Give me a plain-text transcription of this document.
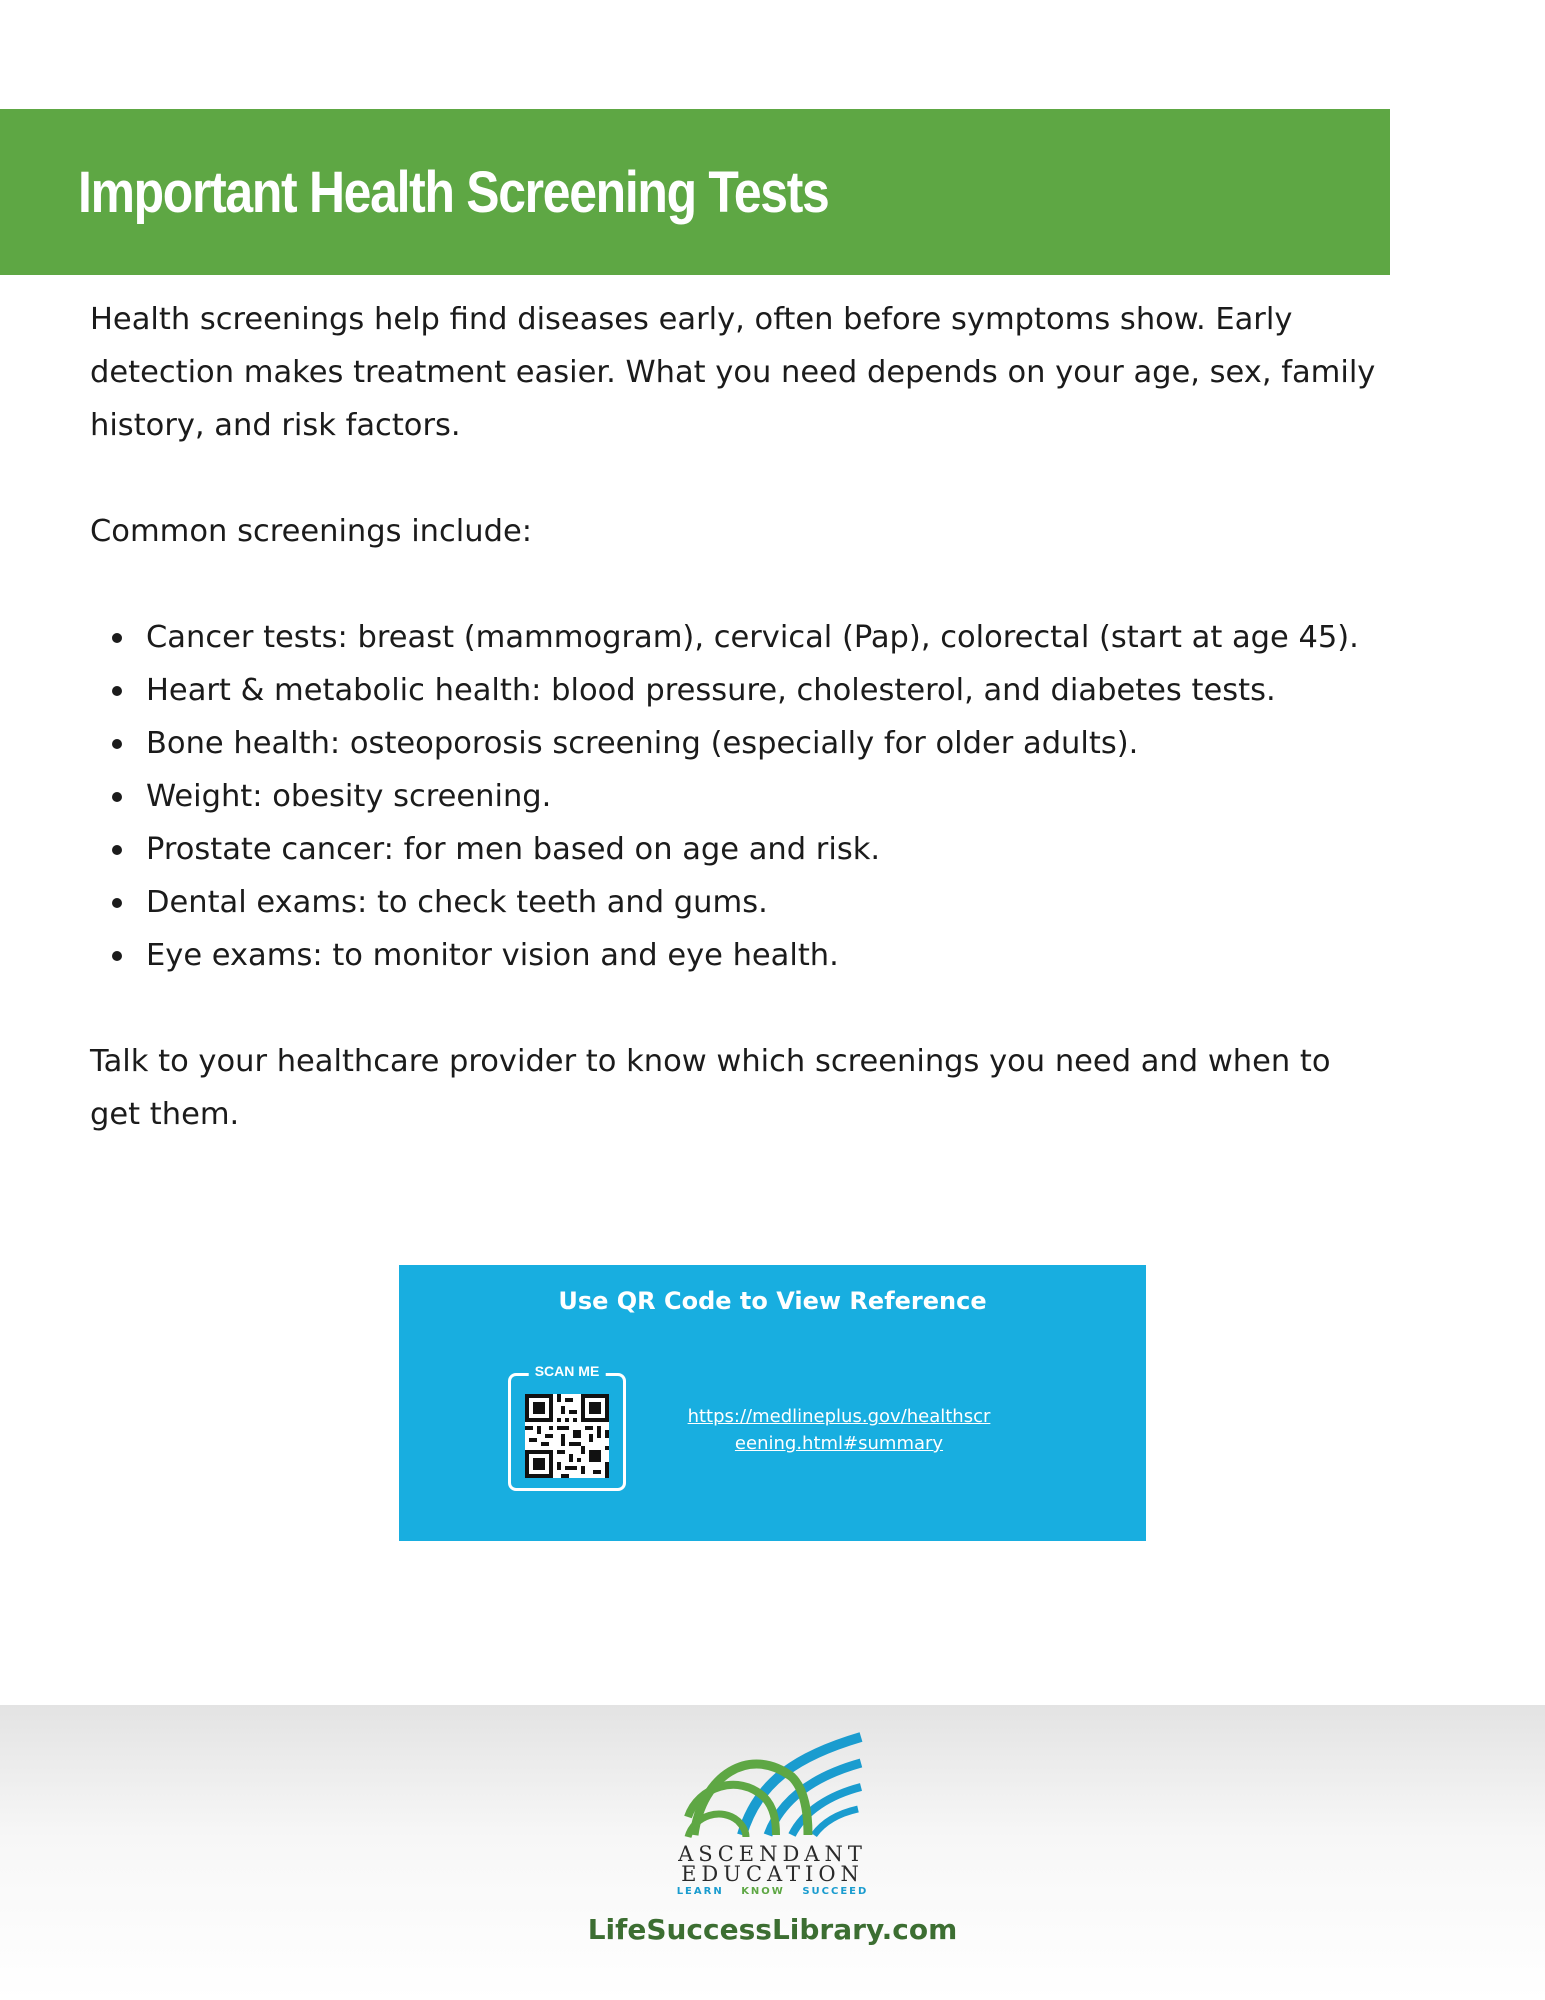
Important Health Screening Tests

Health screenings help find diseases early, often before symptoms show. Early detection makes treatment easier. What you need depends on your age, sex, family history, and risk factors.

Common screenings include:

Cancer tests: breast (mammogram), cervical (Pap), colorectal (start at age 45).
Heart & metabolic health: blood pressure, cholesterol, and diabetes tests.
Bone health: osteoporosis screening (especially for older adults).
Weight: obesity screening.
Prostate cancer: for men based on age and risk.
Dental exams: to check teeth and gums.
Eye exams: to monitor vision and eye health.

Talk to your healthcare provider to know which screenings you need and when to get them.

Use QR Code to View Reference
SCAN ME
https://medlineplus.gov/healthscr
eening.html#summary
ASCENDANT
EDUCATION
LEARN KNOW SUCCEED
LifeSuccessLibrary.com
